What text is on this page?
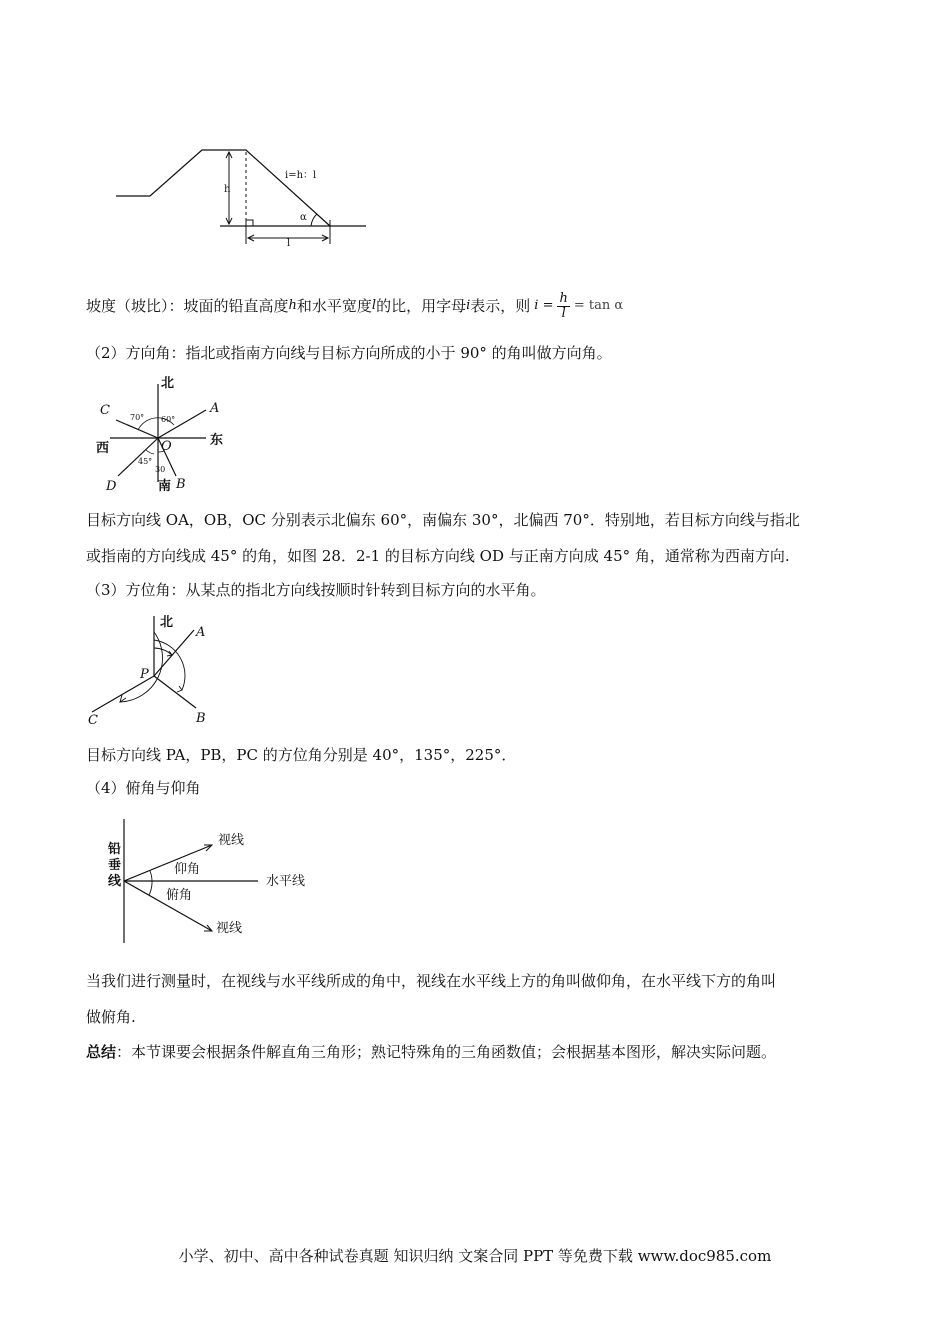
i=h：l
h
α
l
坡度（坡比）：坡面的铅直高度 h 和水平宽度 l 的比，用字母 i 表示，则 $i = \frac{h}{l} = \tan \alpha$
（2）方向角：指北或指南方向线与目标方向所成的小于 90° 的角叫做方向角。
北
南
东
西
A
B
C
D
O
70° 60°
45°
30
目标方向线 OA，OB，OC 分别表示北偏东 60°，南偏东 30°，北偏西 70°．特别地，若目标方向线与指北
或指南的方向线成 45° 的角，如图 28．2-1 的目标方向线 OD 与正南方向成 45° 角，通常称为西南方向.
（3）方位角：从某点的指北方向线按顺时针转到目标方向的水平角。
北
A
B
C
P
目标方向线 PA，PB，PC 的方位角分别是 40°，135°，225°．
（4）俯角与仰角
铅
垂
线
视线
仰角
水平线
俯角
视线
当我们进行测量时，在视线与水平线所成的角中，视线在水平线上方的角叫做仰角，在水平线下方的角叫
做俯角.
总结：本节课要会根据条件解直角三角形；熟记特殊角的三角函数值；会根据基本图形，解决实际问题。
小学、初中、高中各种试卷真题 知识归纳 文案合同 PPT 等免费下载 www.doc985.com
